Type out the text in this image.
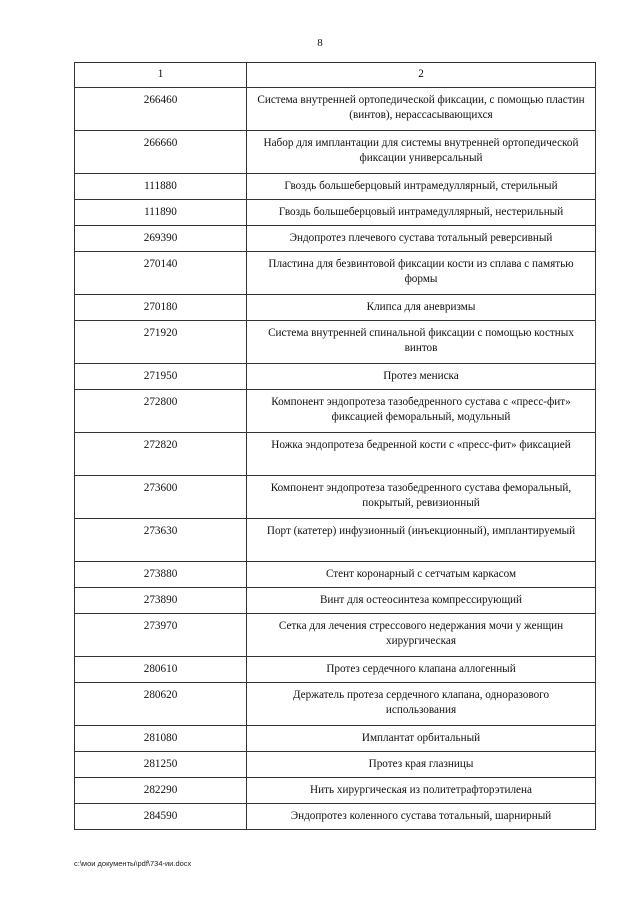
8
1	2
266460	Система внутренней ортопедической фиксации, с помощью пластин (винтов), нерассасывающихся
266660	Набор для имплантации для системы внутренней ортопедической фиксации универсальный
111880	Гвоздь большеберцовый интрамедуллярный, стерильный
111890	Гвоздь большеберцовый интрамедуллярный, нестерильный
269390	Эндопротез плечевого сустава тотальный реверсивный
270140	Пластина для безвинтовой фиксации кости из сплава с памятью формы
270180	Клипса для аневризмы
271920	Система внутренней спинальной фиксации с помощью костных винтов
271950	Протез мениска
272800	Компонент эндопротеза тазобедренного сустава с «пресс-фит» фиксацией феморальный, модульный
272820	Ножка эндопротеза бедренной кости с «пресс-фит» фиксацией
273600	Компонент эндопротеза тазобедренного сустава феморальный, покрытый, ревизионный
273630	Порт (катетер) инфузионный (инъекционный), имплантируемый
273880	Стент коронарный с сетчатым каркасом
273890	Винт для остеосинтеза компрессирующий
273970	Сетка для лечения стрессового недержания мочи у женщин хирургическая
280610	Протез сердечного клапана аллогенный
280620	Держатель протеза сердечного клапана, одноразового использования
281080	Имплантат орбитальный
281250	Протез края глазницы
282290	Нить хирургическая из политетрафторэтилена
284590	Эндопротез коленного сустава тотальный, шарнирный
c:\мои документы\pdf\734-ии.docx
